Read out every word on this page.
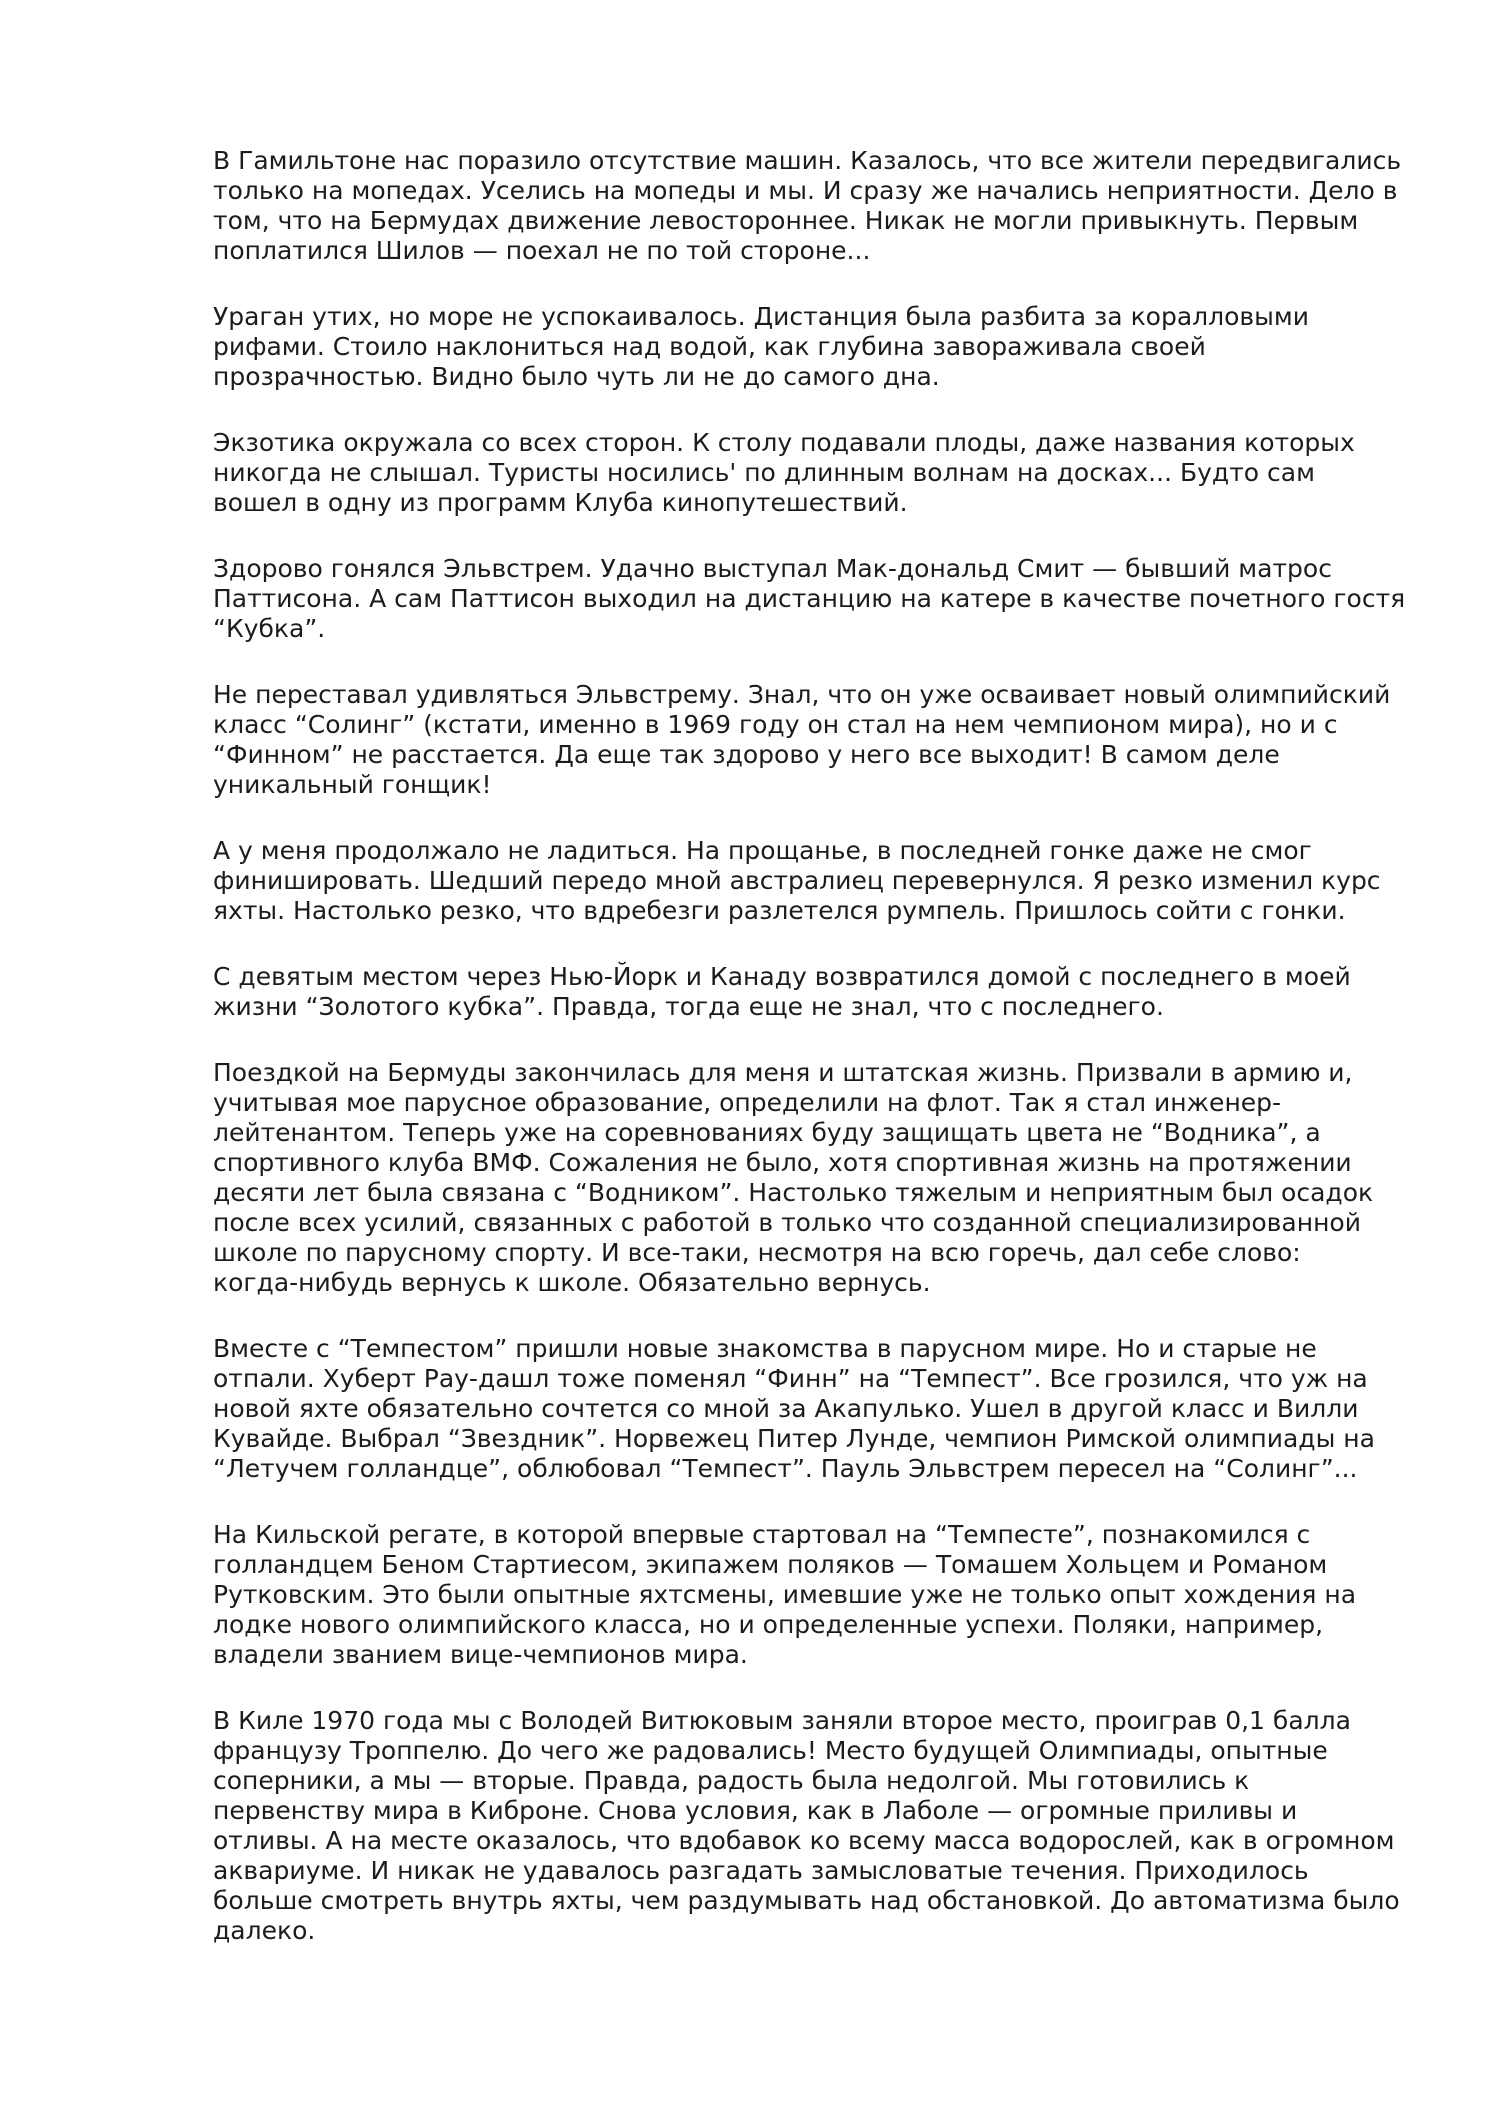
В Гамильтоне нас поразило отсутствие машин. Казалось, что все жители передвигались
только на мопедах. Уселись на мопеды и мы. И сразу же начались неприятности. Дело в
том, что на Бермудах движение левостороннее. Никак не могли привыкнуть. Первым
поплатился Шилов — поехал не по той стороне...

Ураган утих, но море не успокаивалось. Дистанция была разбита за коралловыми
рифами. Стоило наклониться над водой, как глубина завораживала своей
прозрачностью. Видно было чуть ли не до самого дна.

Экзотика окружала со всех сторон. К столу подавали плоды, даже названия которых
никогда не слышал. Туристы носились' по длинным волнам на досках... Будто сам
вошел в одну из программ Клуба кинопутешествий.

Здорово гонялся Эльвстрем. Удачно выступал Мак-дональд Смит — бывший матрос
Паттисона. А сам Паттисон выходил на дистанцию на катере в качестве почетного гостя
“Кубка”.

Не переставал удивляться Эльвстрему. Знал, что он уже осваивает новый олимпийский
класс “Солинг” (кстати, именно в 1969 году он стал на нем чемпионом мира), но и с
“Финном” не расстается. Да еще так здорово у него все выходит! В самом деле
уникальный гонщик!

А у меня продолжало не ладиться. На прощанье, в последней гонке даже не смог
финишировать. Шедший передо мной австралиец перевернулся. Я резко изменил курс
яхты. Настолько резко, что вдребезги разлетелся румпель. Пришлось сойти с гонки.

С девятым местом через Нью-Йорк и Канаду возвратился домой с последнего в моей
жизни “Золотого кубка”. Правда, тогда еще не знал, что с последнего.

Поездкой на Бермуды закончилась для меня и штатская жизнь. Призвали в армию и,
учитывая мое парусное образование, определили на флот. Так я стал инженер-
лейтенантом. Теперь уже на соревнованиях буду защищать цвета не “Водника”, а
спортивного клуба ВМФ. Сожаления не было, хотя спортивная жизнь на протяжении
десяти лет была связана с “Водником”. Настолько тяжелым и неприятным был осадок
после всех усилий, связанных с работой в только что созданной специализированной
школе по парусному спорту. И все-таки, несмотря на всю горечь, дал себе слово:
когда-нибудь вернусь к школе. Обязательно вернусь.

Вместе с “Темпестом” пришли новые знакомства в парусном мире. Но и старые не
отпали. Хуберт Рау-дашл тоже поменял “Финн” на “Темпест”. Все грозился, что уж на
новой яхте обязательно сочтется со мной за Акапулько. Ушел в другой класс и Вилли
Кувайде. Выбрал “Звездник”. Норвежец Питер Лунде, чемпион Римской олимпиады на
“Летучем голландце”, облюбовал “Темпест”. Пауль Эльвстрем пересел на “Солинг”...

На Кильской регате, в которой впервые стартовал на “Темпесте”, познакомился с
голландцем Беном Стартиесом, экипажем поляков — Томашем Хольцем и Романом
Рутковским. Это были опытные яхтсмены, имевшие уже не только опыт хождения на
лодке нового олимпийского класса, но и определенные успехи. Поляки, например,
владели званием вице-чемпионов мира.

В Киле 1970 года мы с Володей Витюковым заняли второе место, проиграв 0,1 балла
французу Троппелю. До чего же радовались! Место будущей Олимпиады, опытные
соперники, а мы — вторые. Правда, радость была недолгой. Мы готовились к
первенству мира в Киброне. Снова условия, как в Лаболе — огромные приливы и
отливы. А на месте оказалось, что вдобавок ко всему масса водорослей, как в огромном
аквариуме. И никак не удавалось разгадать замысловатые течения. Приходилось
больше смотреть внутрь яхты, чем раздумывать над обстановкой. До автоматизма было
далеко.
